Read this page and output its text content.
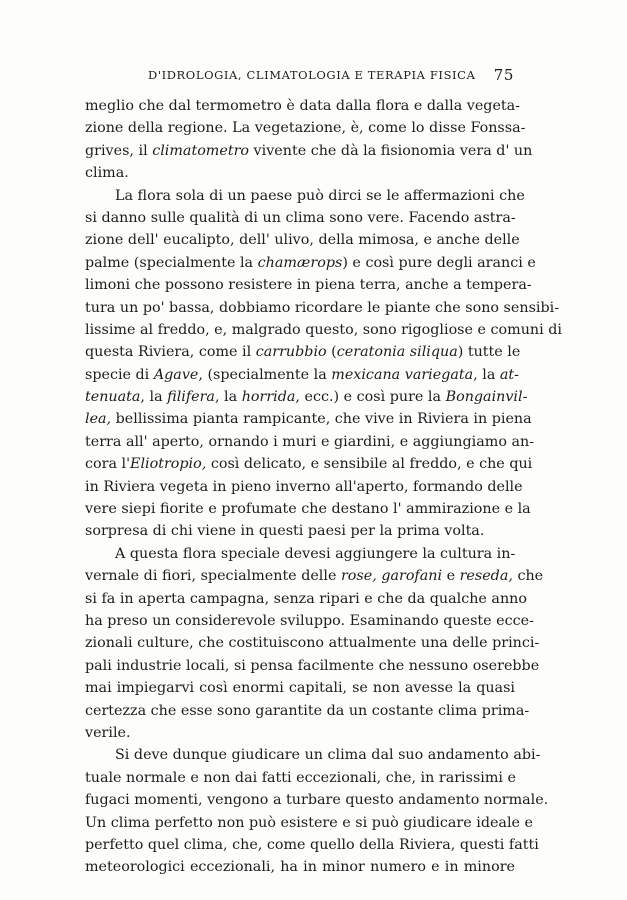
D'IDROLOGIA, CLIMATOLOGIA E TERAPIA FISICA 75
meglio che dal termometro è data dalla flora e dalla vegeta-
zione della regione. La vegetazione, è, come lo disse Fonssa-
grives, il climatometro vivente che dà la fisionomia vera d' un
clima.
La flora sola di un paese può dirci se le affermazioni che
si danno sulle qualità di un clima sono vere. Facendo astra-
zione dell' eucalipto, dell' ulivo, della mimosa, e anche delle
palme (specialmente la chamærops) e così pure degli aranci e
limoni che possono resistere in piena terra, anche a tempera-
tura un po' bassa, dobbiamo ricordare le piante che sono sensibi-
lissime al freddo, e, malgrado questo, sono rigogliose e comuni di
questa Riviera, come il carrubbio (ceratonia siliqua) tutte le
specie di Agave, (specialmente la mexicana variegata, la at-
tenuata, la filifera, la horrida, ecc.) e così pure la Bongainvil-
lea, bellissima pianta rampicante, che vive in Riviera in piena
terra all' aperto, ornando i muri e giardini, e aggiungiamo an-
cora l'Eliotropio, così delicato, e sensibile al freddo, e che qui
in Riviera vegeta in pieno inverno all'aperto, formando delle
vere siepi fiorite e profumate che destano l' ammirazione e la
sorpresa di chi viene in questi paesi per la prima volta.
A questa flora speciale devesi aggiungere la cultura in-
vernale di fiori, specialmente delle rose, garofani e reseda, che
si fa in aperta campagna, senza ripari e che da qualche anno
ha preso un considerevole sviluppo. Esaminando queste ecce-
zionali culture, che costituiscono attualmente una delle princi-
pali industrie locali, si pensa facilmente che nessuno oserebbe
mai impiegarvi così enormi capitali, se non avesse la quasi
certezza che esse sono garantite da un costante clima prima-
verile.
Si deve dunque giudicare un clima dal suo andamento abi-
tuale normale e non dai fatti eccezionali, che, in rarissimi e
fugaci momenti, vengono a turbare questo andamento normale.
Un clima perfetto non può esistere e si può giudicare ideale e
perfetto quel clima, che, come quello della Riviera, questi fatti
meteorologici eccezionali, ha in minor numero e in minore
